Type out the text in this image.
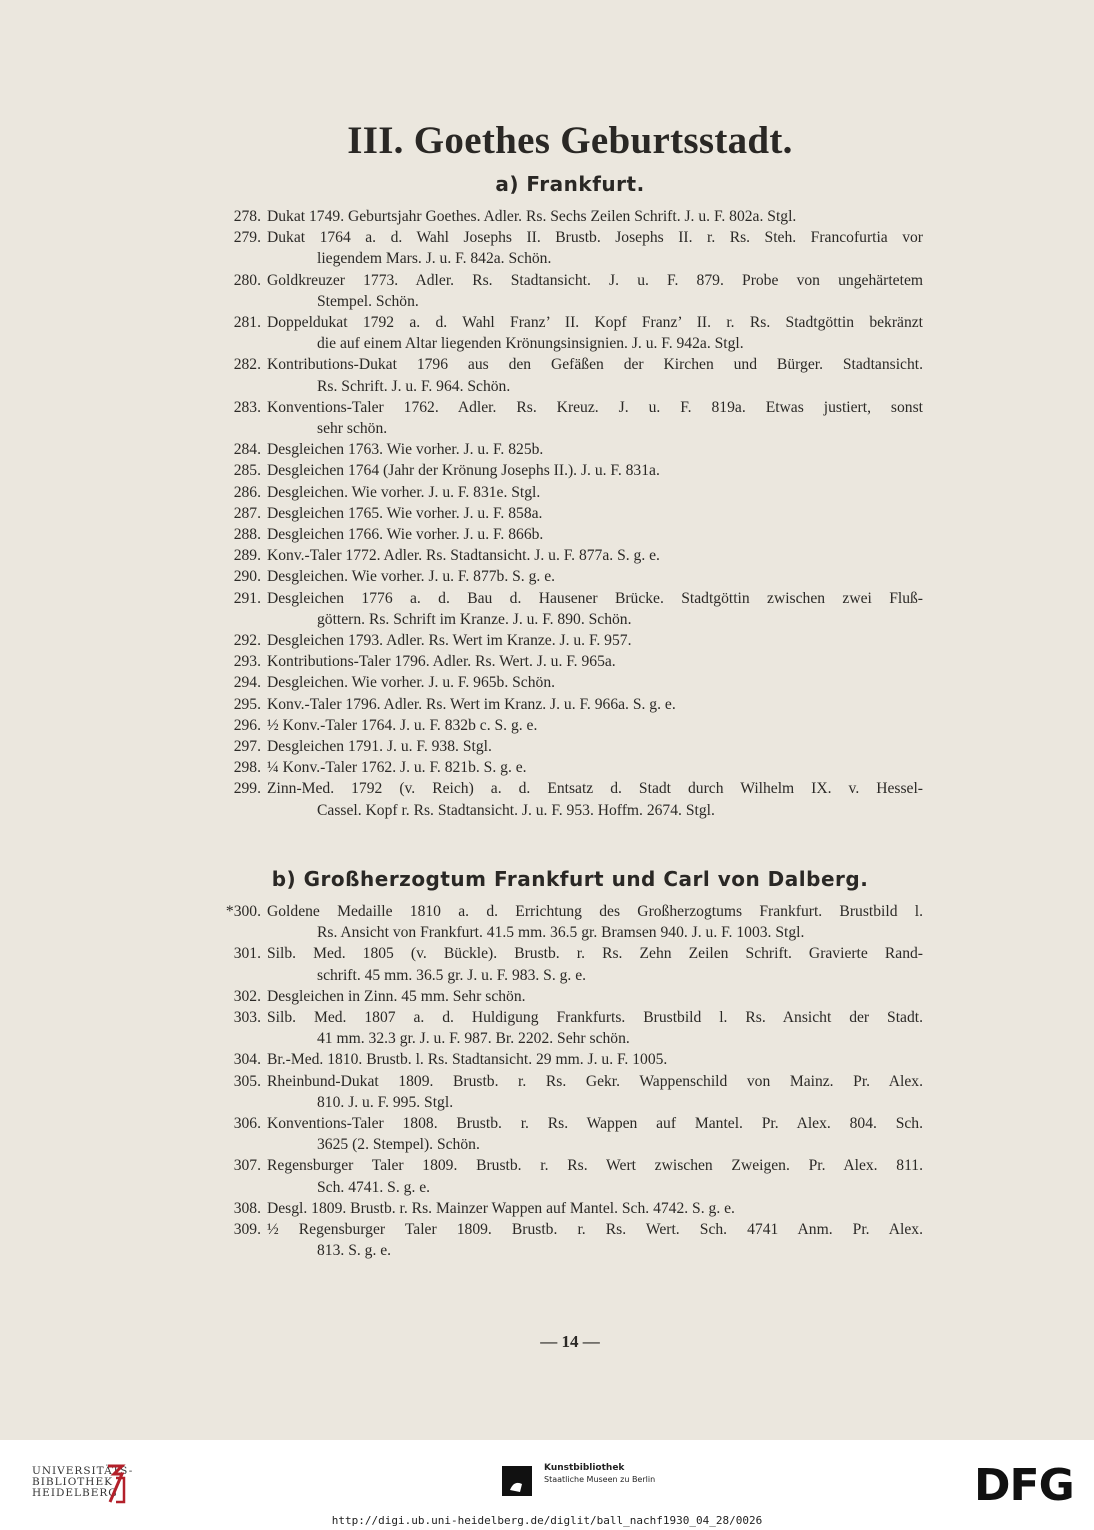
III. Goethes Geburtsstadt.
a) Frankfurt.
278. Dukat 1749. Geburtsjahr Goethes. Adler. Rs. Sechs Zeilen Schrift. J. u. F. 802a. Stgl.
279. Dukat 1764 a. d. Wahl Josephs II. Brustb. Josephs II. r. Rs. Steh. Francofurtia vor
liegendem Mars. J. u. F. 842a. Schön.
280. Goldkreuzer 1773. Adler. Rs. Stadtansicht. J. u. F. 879. Probe von ungehärtetem
Stempel. Schön.
281. Doppeldukat 1792 a. d. Wahl Franz’ II. Kopf Franz’ II. r. Rs. Stadtgöttin bekränzt
die auf einem Altar liegenden Krönungsinsignien. J. u. F. 942a. Stgl.
282. Kontributions-Dukat 1796 aus den Gefäßen der Kirchen und Bürger. Stadtansicht.
Rs. Schrift. J. u. F. 964. Schön.
283. Konventions-Taler 1762. Adler. Rs. Kreuz. J. u. F. 819a. Etwas justiert, sonst
sehr schön.
284. Desgleichen 1763. Wie vorher. J. u. F. 825b.
285. Desgleichen 1764 (Jahr der Krönung Josephs II.). J. u. F. 831a.
286. Desgleichen. Wie vorher. J. u. F. 831e. Stgl.
287. Desgleichen 1765. Wie vorher. J. u. F. 858a.
288. Desgleichen 1766. Wie vorher. J. u. F. 866b.
289. Konv.-Taler 1772. Adler. Rs. Stadtansicht. J. u. F. 877a. S. g. e.
290. Desgleichen. Wie vorher. J. u. F. 877b. S. g. e.
291. Desgleichen 1776 a. d. Bau d. Hausener Brücke. Stadtgöttin zwischen zwei Fluß-
göttern. Rs. Schrift im Kranze. J. u. F. 890. Schön.
292. Desgleichen 1793. Adler. Rs. Wert im Kranze. J. u. F. 957.
293. Kontributions-Taler 1796. Adler. Rs. Wert. J. u. F. 965a.
294. Desgleichen. Wie vorher. J. u. F. 965b. Schön.
295. Konv.-Taler 1796. Adler. Rs. Wert im Kranz. J. u. F. 966a. S. g. e.
296. ½ Konv.-Taler 1764. J. u. F. 832b c. S. g. e.
297. Desgleichen 1791. J. u. F. 938. Stgl.
298. ¼ Konv.-Taler 1762. J. u. F. 821b. S. g. e.
299. Zinn-Med. 1792 (v. Reich) a. d. Entsatz d. Stadt durch Wilhelm IX. v. Hessel-
Cassel. Kopf r. Rs. Stadtansicht. J. u. F. 953. Hoffm. 2674. Stgl.
b) Großherzogtum Frankfurt und Carl von Dalberg.
*300. Goldene Medaille 1810 a. d. Errichtung des Großherzogtums Frankfurt. Brustbild l.
Rs. Ansicht von Frankfurt. 41.5 mm. 36.5 gr. Bramsen 940. J. u. F. 1003. Stgl.
301. Silb. Med. 1805 (v. Bückle). Brustb. r. Rs. Zehn Zeilen Schrift. Gravierte Rand-
schrift. 45 mm. 36.5 gr. J. u. F. 983. S. g. e.
302. Desgleichen in Zinn. 45 mm. Sehr schön.
303. Silb. Med. 1807 a. d. Huldigung Frankfurts. Brustbild l. Rs. Ansicht der Stadt.
41 mm. 32.3 gr. J. u. F. 987. Br. 2202. Sehr schön.
304. Br.-Med. 1810. Brustb. l. Rs. Stadtansicht. 29 mm. J. u. F. 1005.
305. Rheinbund-Dukat 1809. Brustb. r. Rs. Gekr. Wappenschild von Mainz. Pr. Alex.
810. J. u. F. 995. Stgl.
306. Konventions-Taler 1808. Brustb. r. Rs. Wappen auf Mantel. Pr. Alex. 804. Sch.
3625 (2. Stempel). Schön.
307. Regensburger Taler 1809. Brustb. r. Rs. Wert zwischen Zweigen. Pr. Alex. 811.
Sch. 4741. S. g. e.
308. Desgl. 1809. Brustb. r. Rs. Mainzer Wappen auf Mantel. Sch. 4742. S. g. e.
309. ½ Regensburger Taler 1809. Brustb. r. Rs. Wert. Sch. 4741 Anm. Pr. Alex.
813. S. g. e.
— 14 —
UNIVERSITÄTS-
BIBLIOTHEK
HEIDELBERG
Kunstbibliothek
Staatliche Museen zu Berlin	DFG
http://digi.ub.uni-heidelberg.de/diglit/ball_nachf1930_04_28/0026
